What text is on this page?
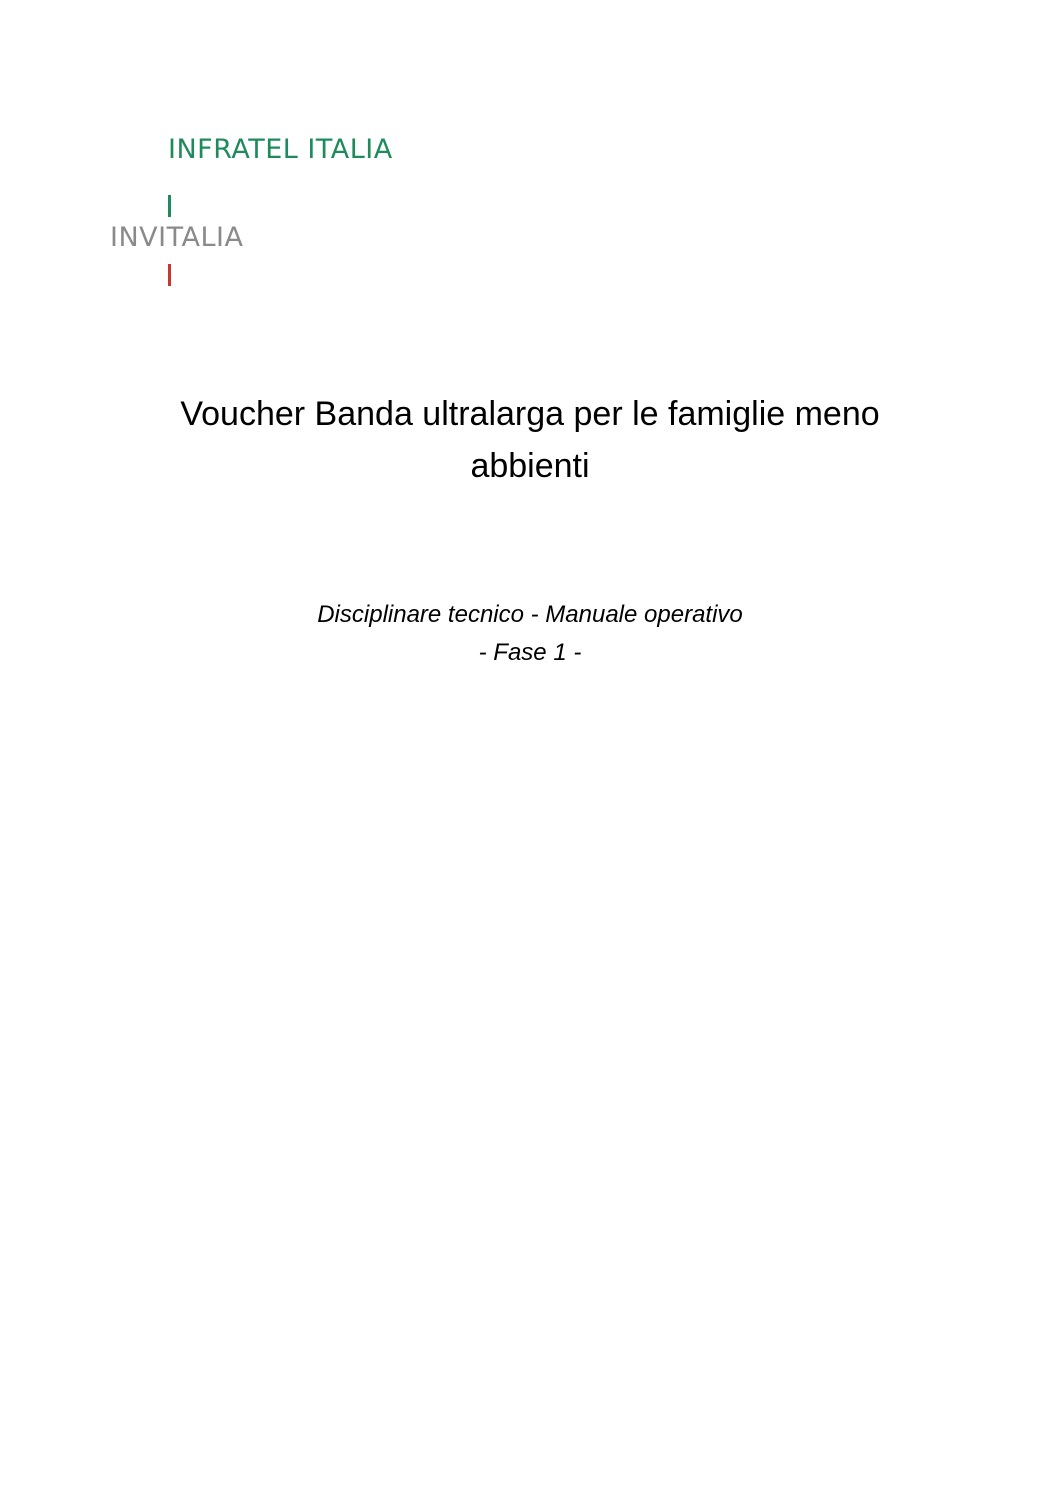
INFRATEL ITALIA
INVITALIA
Voucher Banda ultralarga per le famiglie meno
abbienti
Disciplinare tecnico - Manuale operativo
- Fase 1 -
